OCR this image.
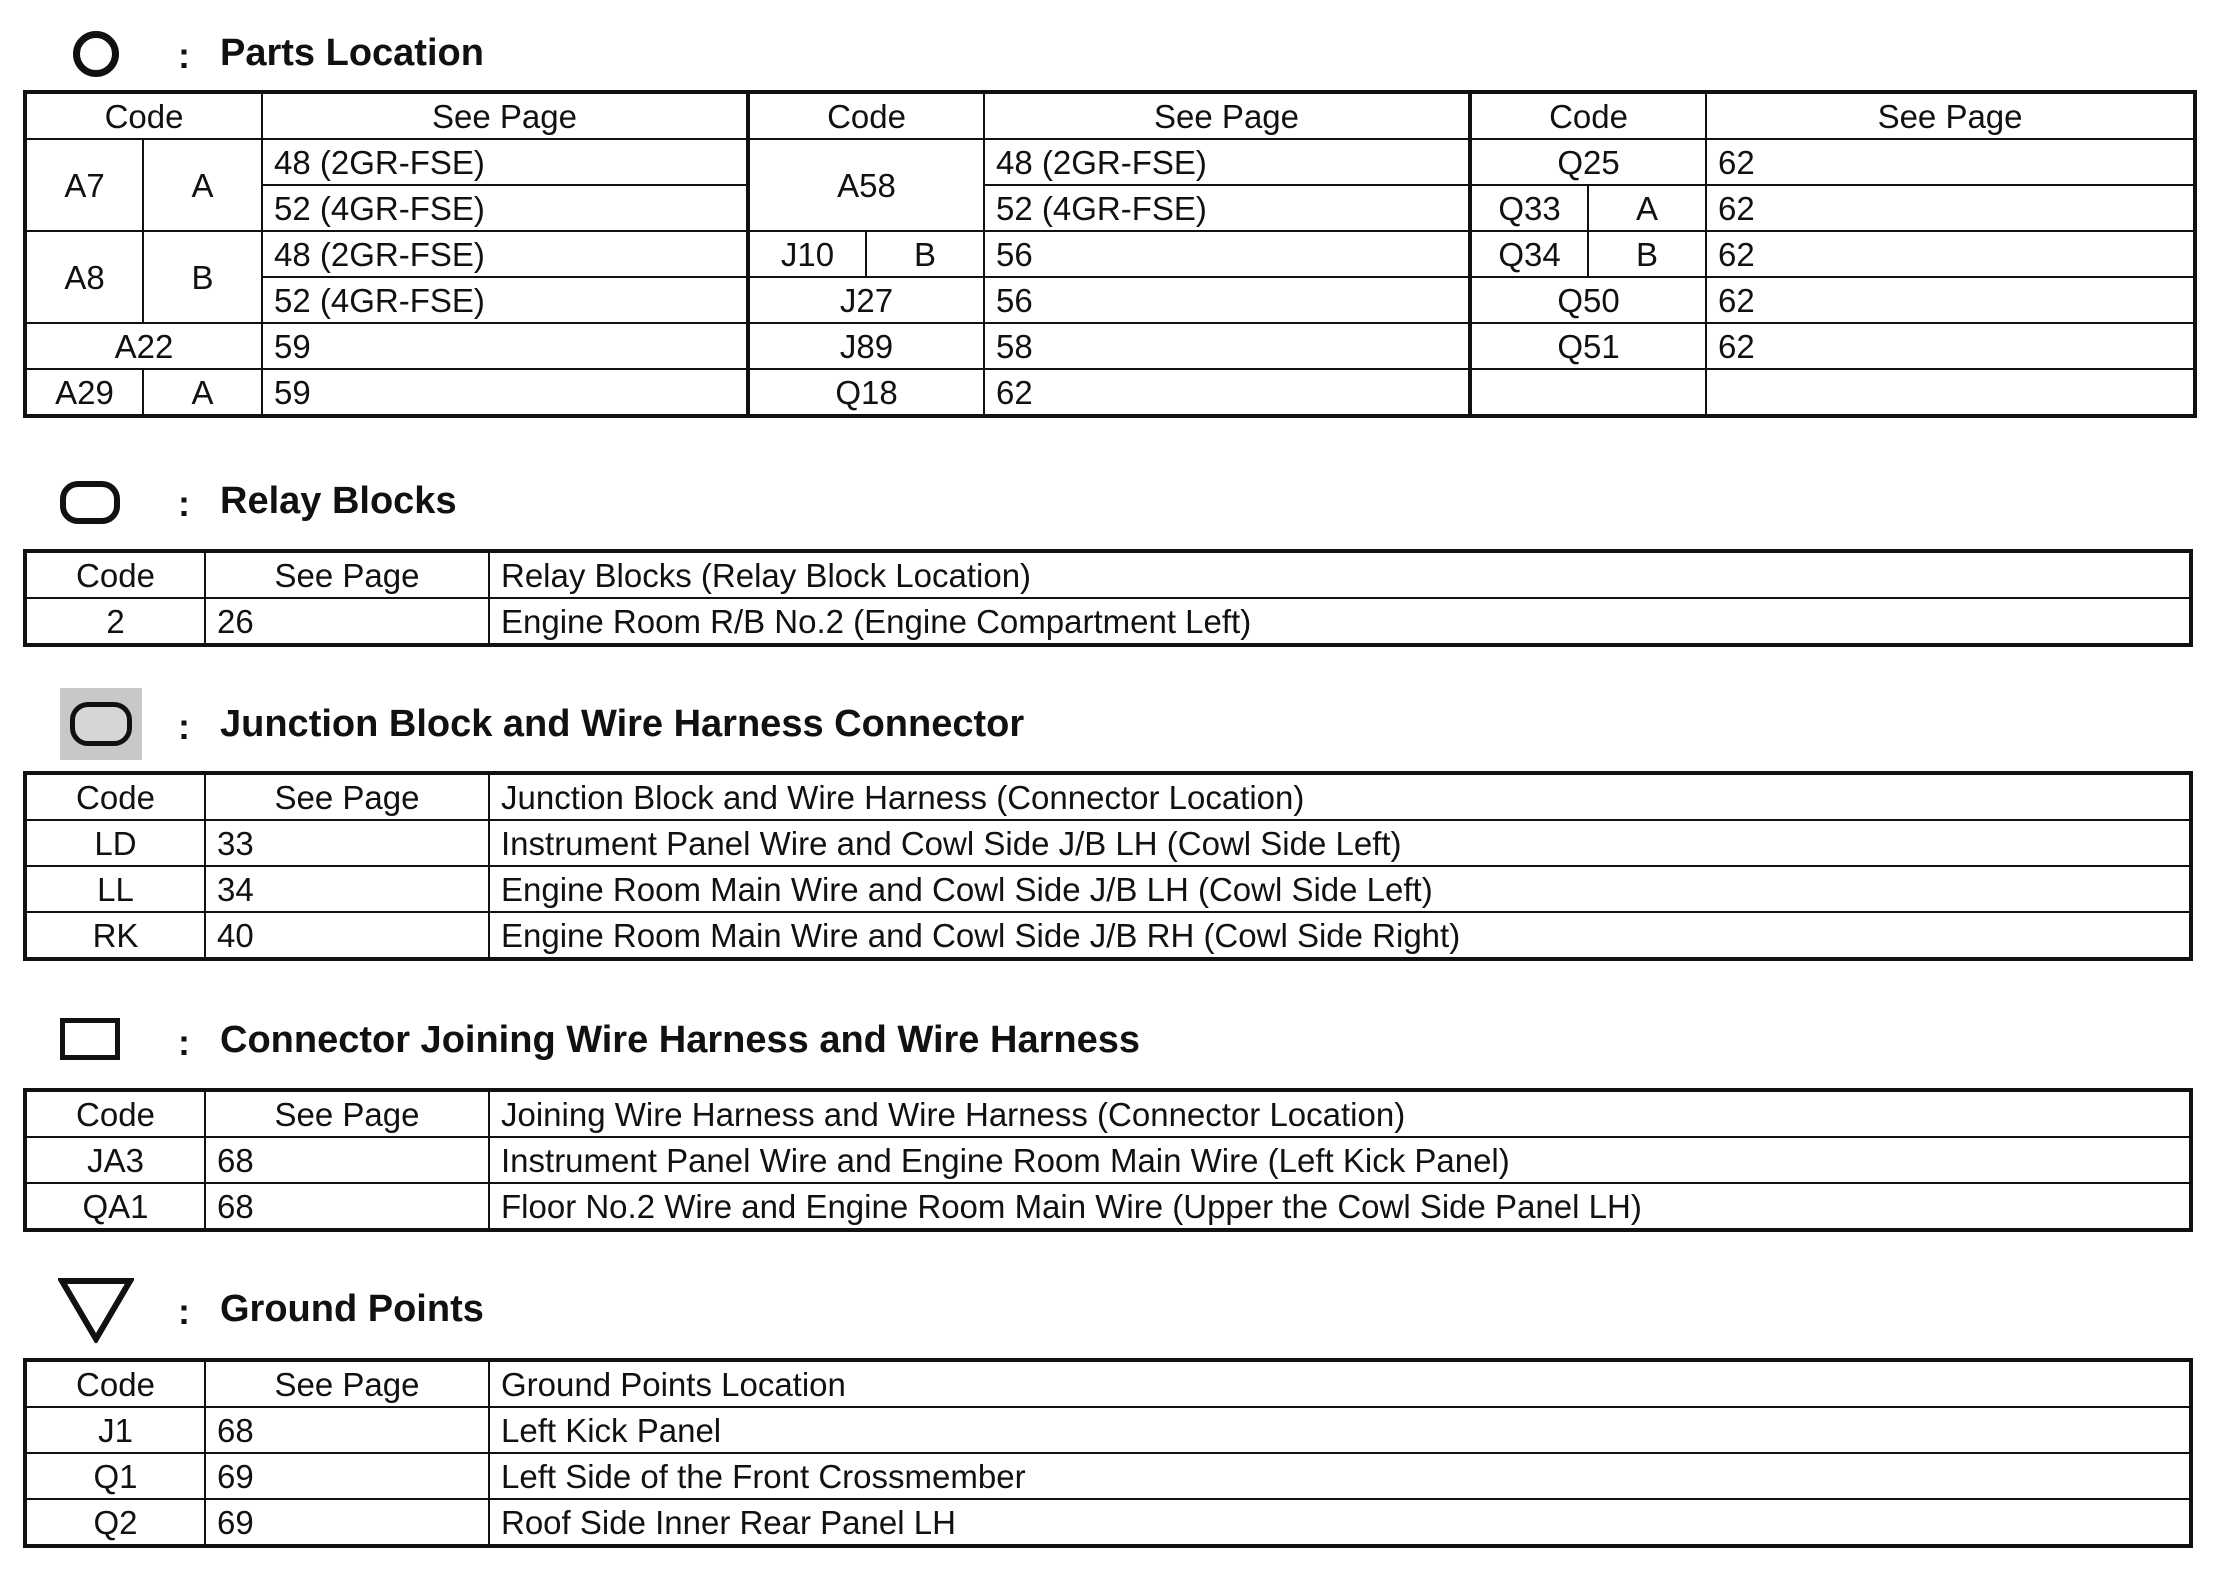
: Parts Location
Code		See Page	Code		See Page	Code		See Page
A7	A	48 (2GR-FSE)	A58		48 (2GR-FSE)	Q25		62
		52 (4GR-FSE)			52 (4GR-FSE)	Q33	A	62
A8	B	48 (2GR-FSE)	J10	B	56	Q34	B	62
		52 (4GR-FSE)	J27		56	Q50		62
A22		59	J89		58	Q51		62
A29	A	59	Q18		62			
: Relay Blocks
Code	See Page	Relay Blocks (Relay Block Location)
2	26	Engine Room R/B No.2 (Engine Compartment Left)
: Junction Block and Wire Harness Connector
Code	See Page	Junction Block and Wire Harness (Connector Location)
LD	33	Instrument Panel Wire and Cowl Side J/B LH (Cowl Side Left)
LL	34	Engine Room Main Wire and Cowl Side J/B LH (Cowl Side Left)
RK	40	Engine Room Main Wire and Cowl Side J/B RH (Cowl Side Right)
: Connector Joining Wire Harness and Wire Harness
Code	See Page	Joining Wire Harness and Wire Harness (Connector Location)
JA3	68	Instrument Panel Wire and Engine Room Main Wire (Left Kick Panel)
QA1	68	Floor No.2 Wire and Engine Room Main Wire (Upper the Cowl Side Panel LH)
: Ground Points
Code	See Page	Ground Points Location
J1	68	Left Kick Panel
Q1	69	Left Side of the Front Crossmember
Q2	69	Roof Side Inner Rear Panel LH
